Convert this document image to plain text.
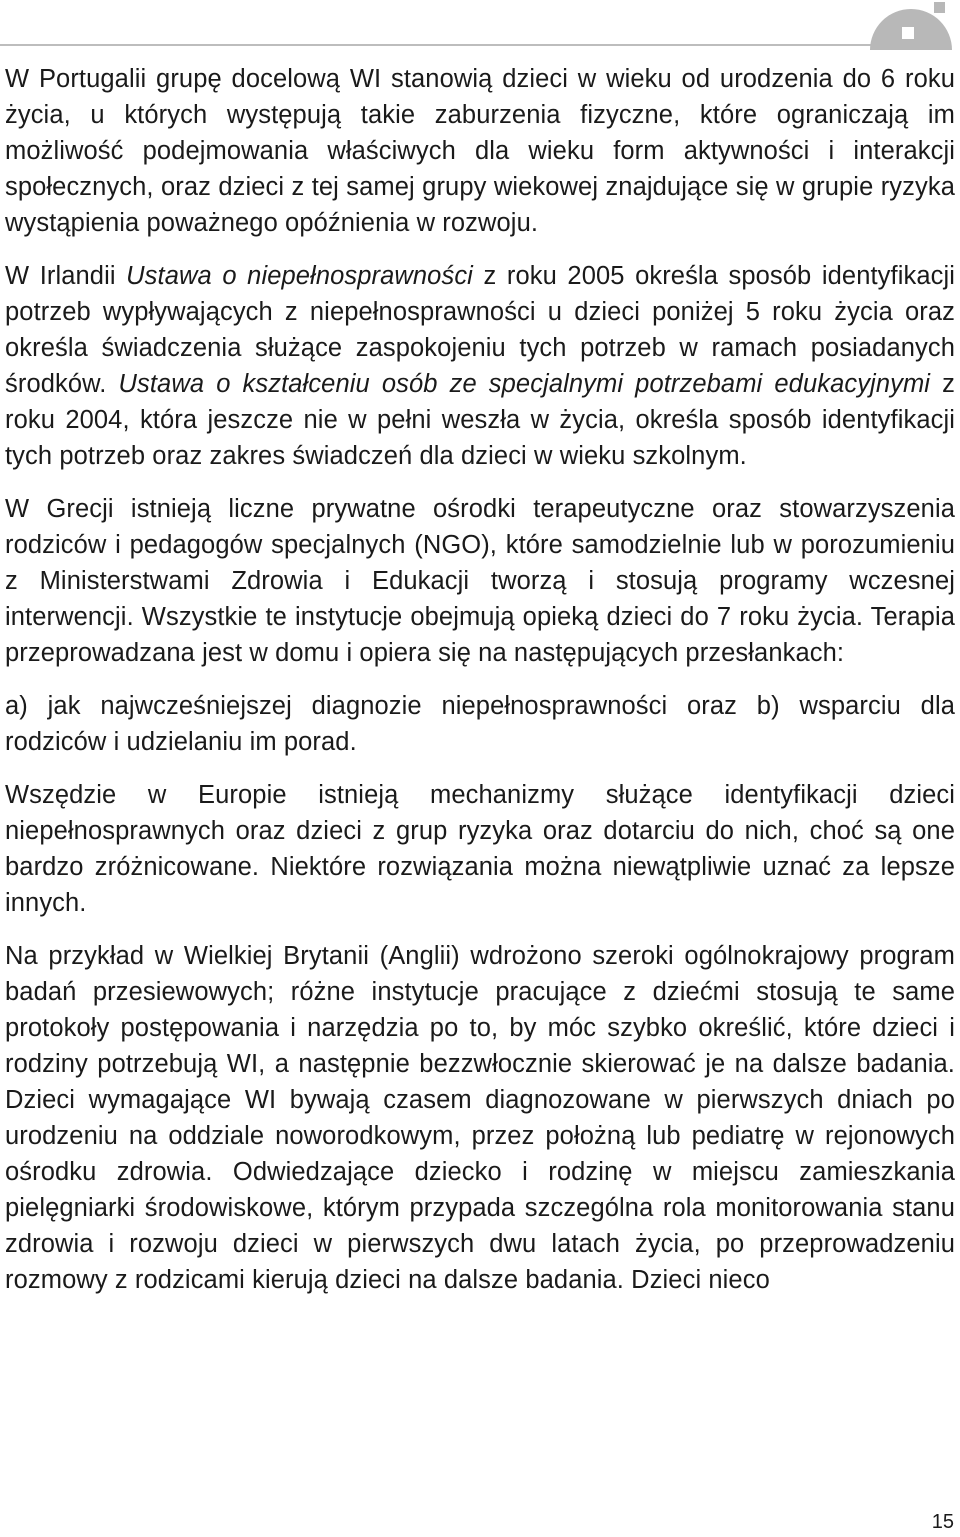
W Portugalii grupę docelową WI stanowią dzieci w wieku od urodzenia do 6 roku życia, u których występują takie zaburzenia fizyczne, które ograniczają im możliwość podejmowania właściwych dla wieku form aktywności i interakcji społecznych, oraz dzieci z tej samej grupy wiekowej znajdujące się w grupie ryzyka wystąpienia poważnego opóźnienia w rozwoju.

W Irlandii Ustawa o niepełnosprawności z roku 2005 określa sposób identyfikacji potrzeb wypływających z niepełnosprawności u dzieci poniżej 5 roku życia oraz określa świadczenia służące zaspokojeniu tych potrzeb w ramach posiadanych środków. Ustawa o kształceniu osób ze specjalnymi potrzebami edukacyjnymi z roku 2004, która jeszcze nie w pełni weszła w życia, określa sposób identyfikacji tych potrzeb oraz zakres świadczeń dla dzieci w wieku szkolnym.

W Grecji istnieją liczne prywatne ośrodki terapeutyczne oraz stowarzyszenia rodziców i pedagogów specjalnych (NGO), które samodzielnie lub w porozumieniu z Ministerstwami Zdrowia i Edukacji tworzą i stosują programy wczesnej interwencji. Wszystkie te instytucje obejmują opieką dzieci do 7 roku życia. Terapia przeprowadzana jest w domu i opiera się na następujących przesłankach:

a) jak najwcześniejszej diagnozie niepełnosprawności oraz b) wsparciu dla rodziców i udzielaniu im porad.

Wszędzie w Europie istnieją mechanizmy służące identyfikacji dzieci niepełnosprawnych oraz dzieci z grup ryzyka oraz dotarciu do nich, choć są one bardzo zróżnicowane. Niektóre rozwiązania można niewątpliwie uznać za lepsze innych.

Na przykład w Wielkiej Brytanii (Anglii) wdrożono szeroki ogólnokrajowy program badań przesiewowych; różne instytucje pracujące z dziećmi stosują te same protokoły postępowania i narzędzia po to, by móc szybko określić, które dzieci i rodziny potrzebują WI, a następnie bezzwłocznie skierować je na dalsze badania. Dzieci wymagające WI bywają czasem diagnozowane w pierwszych dniach po urodzeniu na oddziale noworodkowym, przez położną lub pediatrę w rejonowych ośrodku zdrowia. Odwiedzające dziecko i rodzinę w miejscu zamieszkania pielęgniarki środowiskowe, którym przypada szczególna rola monitorowania stanu zdrowia i rozwoju dzieci w pierwszych dwu latach życia, po przeprowadzeniu rozmowy z rodzicami kierują dzieci na dalsze badania. Dzieci nieco

15
